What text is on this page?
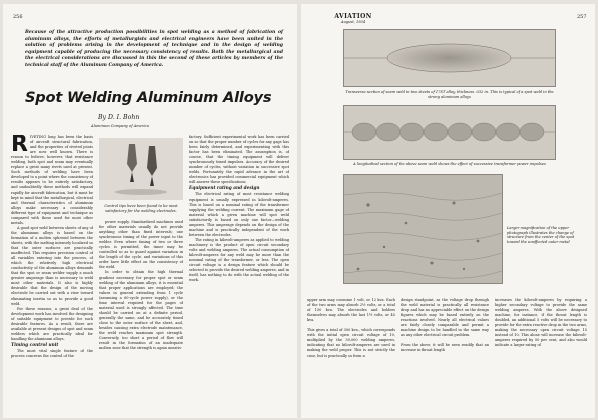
256
Because of the attractive production possibilities in spot welding as a method of fabrication of aluminum alloys, the efforts of metallurgists and electrical engineers have been united in the solution of problems arising in the development of technique and in the design of welding equipment capable of producing the necessary consistency of results. Both the metallurgical and the electrical considerations are discussed in this the second of these articles by members of the technical staff of the Aluminum Company of America.
Spot Welding Aluminum Alloys
By D. I. Bohn
Aluminum Company of America
R IVETING long has been the basis of aircraft structural fabrication, and the properties of riveted joints are now well known. There is reason to believe, however, that resistance welding, both spot and seam may eventually replace a great many rivets used at present. Such methods of welding have been developed to a point where the consistency of results appears to be entirely satisfactory, and undoubtedly these methods will expand rapidly for aircraft fabrication, but it must be kept in mind that the metallurgical, electrical and thermal characteristics of aluminum alloys make necessary a considerably different type of equipment and technique as compared with those used for most other metals.

A good spot weld between sheets of any of the aluminum alloys is based on the formation of a molten spheroid between the sheets, with the melting intensely localized so that the outer surfaces are practically unaffected. This requires precision control of all variables entering into the process, of which the relatively high electrical conductivity of the aluminum alloys demands that the spot or seam welder supply a much greater amperage than is necessary to weld most other materials. It also is highly desirable that the design of the moving electrode be carried out with a view toward eliminating inertia so as to provide a good weld.

For these reasons, a great deal of the development work has involved the designing of suitable equipment to provide for such desirable features. As a result, there are available at present designs of spot and seam welders which are practically ideal for handling the aluminum alloys.

Timing control unit

The most vital single feature of the process concerns the control of the

Control tips have been found to be most satisfactory for the welding electrodes.

power supply. Standardized machines used for other materials usually do not provide anything other than fixed intervals; one synchronous timing of the power input to the welder. Even where timing of two or three cycles is permitted, the timer may be controlled so as to guard against variation in the length of the cycle, and variations of this order have little effect on the consistency of the weld.

In order to obtain the high thermal gradient necessary for proper spot or seam welding of the aluminum alloys, it is essential that proper applications are employed; the values in general extending from 1 cycle (assuming a 60-cycle power supply), or the time interval required for the pages of material used is strongly affected. The time should be carried on at a definite period, generally the same, and be accurately timed close to the outer surface of the sheet, and, besides causing extra electrode maintenance, the weld reaches maximum spot strength. Conversely, too short a period of flow will result in the formation of an inadequate molten zone that the strength is again unsatis-

factory. Sufficient experimental work has been carried on so that the proper number of cycles for any gage has been fairly determined, and experimenting with this factor has been eliminated. The assumption is, of course, that the timing equipment will deliver synchronously timed impulses. Accuracy of the desired number of cycles, without variation in successive spot welds. Fortunately the rapid advance in the art of electronics has provided commercial equipment which will answer these specifications.

Equipment rating and design

The electrical rating of most resistance welding equipment is usually expressed in kilovolt-amperes. This is based on a nominal rating of the transformer supplying the welding current. The maximum gage of material which a given machine will spot weld satisfactorily is based on only one factor—welding amperes. This amperage depends on the design of the machine and is practically independent of the work between the electrodes.

The rating in kilovolt-amperes as applied to welding machinery is the product of open circuit secondary volts and welding amperes. The actual consumption of kilovolt-amperes for any weld may be more than the nominal rating of the transformer, or less. The open circuit voltage is a design feature which should be selected to provide the desired welding amperes, and in itself, has nothing to do with the actual welding of the work.

AVIATION
August, 1934
257
Transverse section of seam weld in two sheets of 17ST alloy, thickness .032 in. This is typical of a spot weld in the strong aluminum alloys
A longitudinal section of the above seam weld shows the effect of successive transformer power impulses
Larger magnification of the upper photograph illustrates the change of structure from the center of the spot toward the unaffected outer metal
upper arm may consume 1 volt, or 12 kva. Each of the two arms may absorb 2½ volts, or a total of 150 kva. The electrodes and holders themselves may absorb the last 1½ volts, or 45 kva.

This gives a total of 300 kva., which corresponds with the initial open circuit voltage of 10, multiplied by the 30,000 welding amperes, indicating that no kilovolt-amperes are used in making the weld proper. This is not strictly the case, but is practically so from a
design standpoint, as the voltage drop through the weld material is practically all resistance drop and has no appreciable effect on the design figures which may be based entirely on the reactions involved. Nearly all electrical values are fairly closely comparable and permit a machine design to be handled in the same way as any other electrical circuit problem.

From the above, it will be seen readily that an increase in throat length
increases the kilovolt-amperes by requiring a higher secondary voltage to provide the same welding amperes. With the above designed machine, for instance, if the throat length is doubled, an additional 5 volts will be necessary to provide for the extra reactive drop in the two arms, making the necessary open circuit voltage 15 instead of 10. This alone will increase the kilovolt-amperes required by 50 per cent, and also would indicate a larger rating of
